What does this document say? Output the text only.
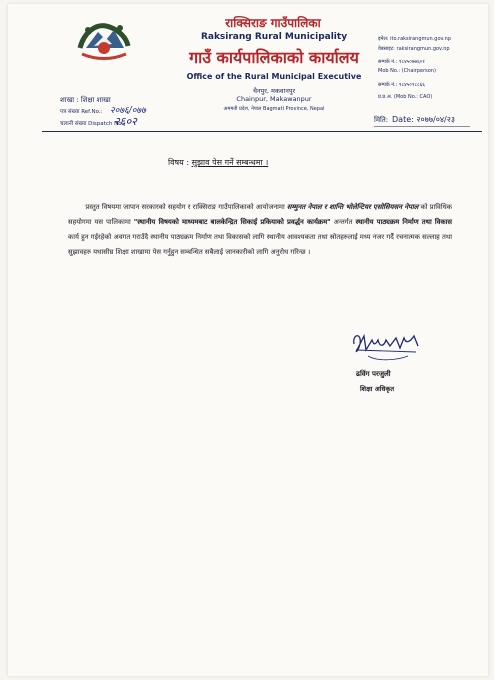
राक्सिराङ गाउँपालिका
Raksirang Rural Municipality
गाउँ कार्यपालिकाको कार्यालय
Office of the Rural Municipal Executive
चैनपुर, मकवानपुर
Chainpur, Makawanpur
अममती प्रदेश, नेपाल Bagmati Province, Nepal
इमेल: ito.raksirangmun.gov.np
वेबसाइट: raksirangmun.gov.np
सम्पर्क नं.: ९८४५०७७६०१
Mob No.: (Chairperson)
सम्पर्क नं.: ९८४५०९८८६६
प्र.प्र.अ. (Mob No.: CAO)
शाखा : शिक्षा शाखा
पत्र संख्या Ref.No.: २०७६/०७७
चलानी संख्या Dispatch No.:
२६०२	मिति: Date: २०७७/०४/२३
विषय : सुझाव पेस गर्ने सम्बन्धमा ।
प्रस्तुत विषयमा जापान सरकारको सहयोग र राक्सिराङ गाउँपालिकाको आयोजनामा सम्मुनत नेपाल र शान्ति भोलेन्टियर एसोसियसन नेपाल को प्राविधिक सहयोगमा यस पालिकामा "स्थानीय विषयको माध्यमबाट बालकेन्द्रित सिकाई प्रकियाको प्रवर्द्धन कार्यक्रम" अन्तर्गत स्थानीय पाठ्यक्रम निर्माण तथा विकास कार्य हुन गईरहेको अवगत गराउँदै स्थानीय पाठ्यक्रम निर्माण तथा विकासको लागि स्थानीय आवश्यकता तथा स्रोतहरुलाई मध्य नजर गर्दै रचनात्मक सल्लाह तथा सुझावहरु यथासीघ्र शिक्षा शाखामा पेस गर्नुहुन सम्बन्धित सबैलाई जानकारीको लागि अनुरोध गरिन्छ ।
ढविंग परजुली
शिक्षा अधिकृत
